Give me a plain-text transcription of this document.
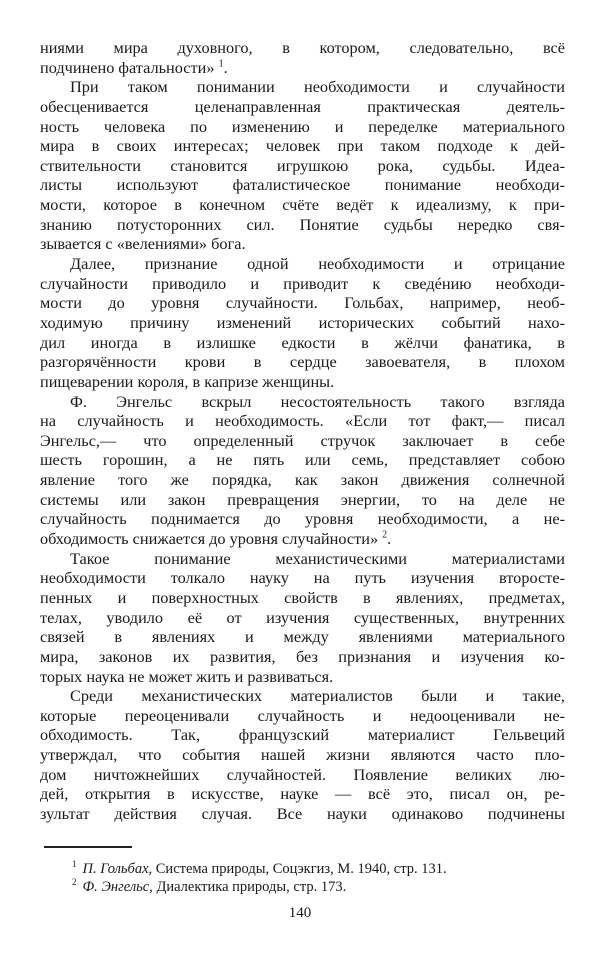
ниями мира духовного, в котором, следовательно, всё
подчинено фатальности» $^1$.
При таком понимании необходимости и случайности
обесценивается целенаправленная практическая деятель-
ность человека по изменению и переделке материального
мира в своих интересах; человек при таком подходе к дей-
ствительности становится игрушкою рока, судьбы. Идеа-
листы используют фаталистическое понимание необходи-
мости, которое в конечном счёте ведёт к идеализму, к при-
знанию потусторонних сил. Понятие судьбы нередко свя-
зывается с «велениями» бога.
Далее, признание одной необходимости и отрицание
случайности приводило и приводит к сведéнию необходи-
мости до уровня случайности. Гольбах, например, необ-
ходимую причину изменений исторических событий нахо-
дил иногда в излишке едкости в жёлчи фанатика, в
разгорячённости крови в сердце завоевателя, в плохом
пищеварении короля, в капризе женщины.
Ф. Энгельс вскрыл несостоятельность такого взгляда
на случайность и необходимость. «Если тот факт,— писал
Энгельс,— что определенный стручок заключает в себе
шесть горошин, а не пять или семь, представляет собою
явление того же порядка, как закон движения солнечной
системы или закон превращения энергии, то на деле не
случайность поднимается до уровня необходимости, а не-
обходимость снижается до уровня случайности» $^2$.
Такое понимание механистическими материалистами
необходимости толкало науку на путь изучения второсте-
пенных и поверхностных свойств в явлениях, предметах,
телах, уводило её от изучения существенных, внутренних
связей в явлениях и между явлениями материального
мира, законов их развития, без признания и изучения ко-
торых наука не может жить и развиваться.
Среди механистических материалистов были и такие,
которые переоценивали случайность и недооценивали не-
обходимость. Так, французский материалист Гельвеций
утверждал, что события нашей жизни являются часто пло-
дом ничтожнейших случайностей. Появление великих лю-
дей, открытия в искусстве, науке — всё это, писал он, ре-
зультат действия случая. Все науки одинаково подчинены
$^1$ П. Гольбах, Система природы, Соцэкгиз, М. 1940, стр. 131.
$^2$ Ф. Энгельс, Диалектика природы, стр. 173.
140
